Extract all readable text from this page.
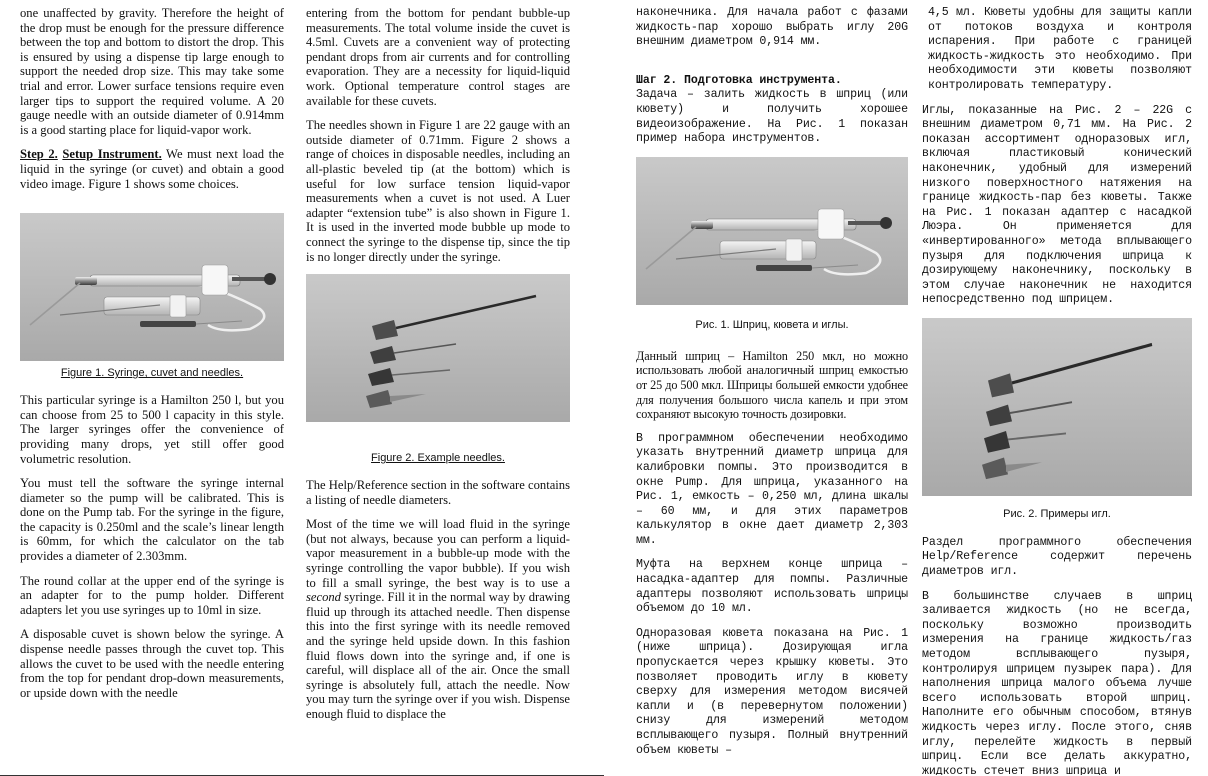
one unaffected by gravity. Therefore the height of the drop must be enough for the pressure difference between the top and bottom to distort the drop. This is ensured by using a dispense tip large enough to support the needed drop size. This may take some trial and error. Lower surface tensions require even larger tips to support the required volume. A 20 gauge needle with an outside diameter of 0.914mm is a good starting place for liquid-vapor work.

Step 2. Setup Instrument. We must next load the liquid in the syringe (or cuvet) and obtain a good video image. Figure 1 shows some choices.

Figure 1. Syringe, cuvet and needles.

This particular syringe is a Hamilton 250 l, but you can choose from 25 to 500 l capacity in this style. The larger syringes offer the convenience of providing many drops, yet still offer good volumetric resolution.

You must tell the software the syringe internal diameter so the pump will be calibrated. This is done on the Pump tab. For the syringe in the figure, the capacity is 0.250ml and the scale’s linear length is 60mm, for which the calculator on the tab provides a diameter of 2.303mm.

The round collar at the upper end of the syringe is an adapter for to the pump holder. Different adapters let you use syringes up to 10ml in size.

A disposable cuvet is shown below the syringe. A dispense needle passes through the cuvet top. This allows the cuvet to be used with the needle entering from the top for pendant drop-down measurements, or upside down with the needle

entering from the bottom for pendant bubble-up measurements. The total volume inside the cuvet is 4.5ml. Cuvets are a convenient way of protecting pendant drops from air currents and for controlling evaporation. They are a necessity for liquid-liquid work. Optional temperature control stages are available for these cuvets.

The needles shown in Figure 1 are 22 gauge with an outside diameter of 0.71mm. Figure 2 shows a range of choices in disposable needles, including an all-plastic beveled tip (at the bottom) which is useful for low surface tension liquid-vapor measurements when a cuvet is not used. A Luer adapter “extension tube” is also shown in Figure 1. It is used in the inverted mode bubble up mode to connect the syringe to the dispense tip, since the tip is no longer directly under the syringe.

Figure 2. Example needles.

The Help/Reference section in the software contains a listing of needle diameters.

Most of the time we will load fluid in the syringe (but not always, because you can perform a liquid-vapor measurement in a bubble-up mode with the syringe controlling the vapor bubble). If you wish to fill a small syringe, the best way is to use a second syringe. Fill it in the normal way by drawing fluid up through its attached needle. Then dispense this into the first syringe with its needle removed and the syringe held upside down. In this fashion fluid flows down into the syringe and, if one is careful, will displace all of the air. Once the small syringe is absolutely full, attach the needle. Now you may turn the syringe over if you wish. Dispense enough fluid to displace the

наконечника. Для начала работ с фазами жидкость-пар хорошо выбрать иглу 20G внешним диаметром 0,914 мм.

Шаг 2. Подготовка инструмента.

Задача – залить жидкость в шприц (или кювету) и получить хорошее видеоизображение. На Рис. 1 показан пример набора инструментов.

Рис. 1. Шприц, кювета и иглы.

Данный шприц – Hamilton 250 мкл, но можно использовать любой аналогичный шприц емкостью от 25 до 500 мкл. Шприцы большей емкости удобнее для получения большого числа капель и при этом сохраняют высокую точность дозировки.

В программном обеспечении необходимо указать внутренний диаметр шприца для калибровки помпы. Это производится в окне Pump. Для шприца, указанного на Рис. 1, емкость – 0,250 мл, длина шкалы – 60 мм, и для этих параметров калькулятор в окне дает диаметр 2,303 мм.

Муфта на верхнем конце шприца – насадка-адаптер для помпы. Различные адаптеры позволяют использовать шприцы объемом до 10 мл.

Одноразовая кювета показана на Рис. 1 (ниже шприца). Дозирующая игла пропускается через крышку кюветы. Это позволяет проводить иглу в кювету сверху для измерения методом висячей капли и (в перевернутом положении) снизу для измерений методом всплывающего пузыря. Полный внутренний объем кюветы –

4,5 мл. Кюветы удобны для защиты капли от потоков воздуха и контроля испарения. При работе с границей жидкость-жидкость это необходимо. При необходимости эти кюветы позволяют контролировать температуру.

Иглы, показанные на Рис. 2 – 22G с внешним диаметром 0,71 мм. На Рис. 2 показан ассортимент одноразовых игл, включая пластиковый конический наконечник, удобный для измерений низкого поверхностного натяжения на границе жидкость-пар без кюветы. Также на Рис. 1 показан адаптер с насадкой Люэра. Он применяется для «инвертированного» метода вплывающего пузыря для подключения шприца к дозирующему наконечнику, поскольку в этом случае наконечник не находится непосредственно под шприцем.

Рис. 2. Примеры игл.

Раздел программного обеспечения Help/Reference содержит перечень диаметров игл.

В большинстве случаев в шприц заливается жидкость (но не всегда, поскольку возможно производить измерения на границе жидкость/газ методом всплывающего пузыря, контролируя шприцем пузырек пара). Для наполнения шприца малого объема лучше всего использовать второй шприц. Наполните его обычным способом, втянув жидкость через иглу. После этого, сняв иглу, перелейте жидкость в первый шприц. Если все делать аккуратно, жидкость стечет вниз шприца и
